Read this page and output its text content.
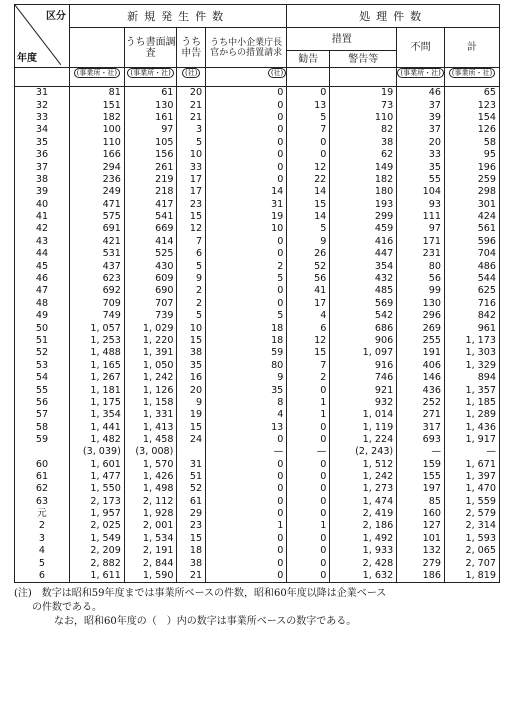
区分
年度	新規発生件数				処理件数			
		うち書面調査	うち申告	うち中小企業庁長官からの措置請求	措置		不問	計
					勧告	警告等		
	(事業所・社)	(事業所・社)	(社)	(社)			(事業所・社)	(事業所・社)
31	81	61	20	0	0	19	46	65
32	151	130	21	0	13	73	37	123
33	182	161	21	0	5	110	39	154
34	100	97	3	0	7	82	37	126
35	110	105	5	0	0	38	20	58
36	166	156	10	0	0	62	33	95
37	294	261	33	0	12	149	35	196
38	236	219	17	0	22	182	55	259
39	249	218	17	14	14	180	104	298
40	471	417	23	31	15	193	93	301
41	575	541	15	19	14	299	111	424
42	691	669	12	10	5	459	97	561
43	421	414	7	0	9	416	171	596
44	531	525	6	0	26	447	231	704
45	437	430	5	2	52	354	80	486
46	623	609	9	5	56	432	56	544
47	692	690	2	0	41	485	99	625
48	709	707	2	0	17	569	130	716
49	749	739	5	5	4	542	296	842
50	1, 057	1, 029	10	18	6	686	269	961
51	1, 253	1, 220	15	18	12	906	255	1, 173
52	1, 488	1, 391	38	59	15	1, 097	191	1, 303
53	1, 165	1, 050	35	80	7	916	406	1, 329
54	1, 267	1, 242	16	9	2	746	146	894
55	1, 181	1, 126	20	35	0	921	436	1, 357
56	1, 175	1, 158	9	8	1	932	252	1, 185
57	1, 354	1, 331	19	4	1	1, 014	271	1, 289
58	1, 441	1, 413	15	13	0	1, 119	317	1, 436
59	1, 482	1, 458	24	0	0	1, 224	693	1, 917
	(3, 039)	(3, 008)		—	—	(2, 243)	—	—
60	1, 601	1, 570	31	0	0	1, 512	159	1, 671
61	1, 477	1, 426	51	0	0	1, 242	155	1, 397
62	1, 550	1, 498	52	0	0	1, 273	197	1, 470
63	2, 173	2, 112	61	0	0	1, 474	85	1, 559
元	1, 957	1, 928	29	0	0	2, 419	160	2, 579
2	2, 025	2, 001	23	1	1	2, 186	127	2, 314
3	1, 549	1, 534	15	0	0	1, 492	101	1, 593
4	2, 209	2, 191	18	0	0	1, 933	132	2, 065
5	2, 882	2, 844	38	0	0	2, 428	279	2, 707
6	1, 611	1, 590	21	0	0	1, 632	186	1, 819
(注)　数字は昭和59年度までは事業所ベースの件数，昭和60年度以降は企業ベース
の件数である。
なお，昭和60年度の（　）内の数字は事業所ベースの数字である。
